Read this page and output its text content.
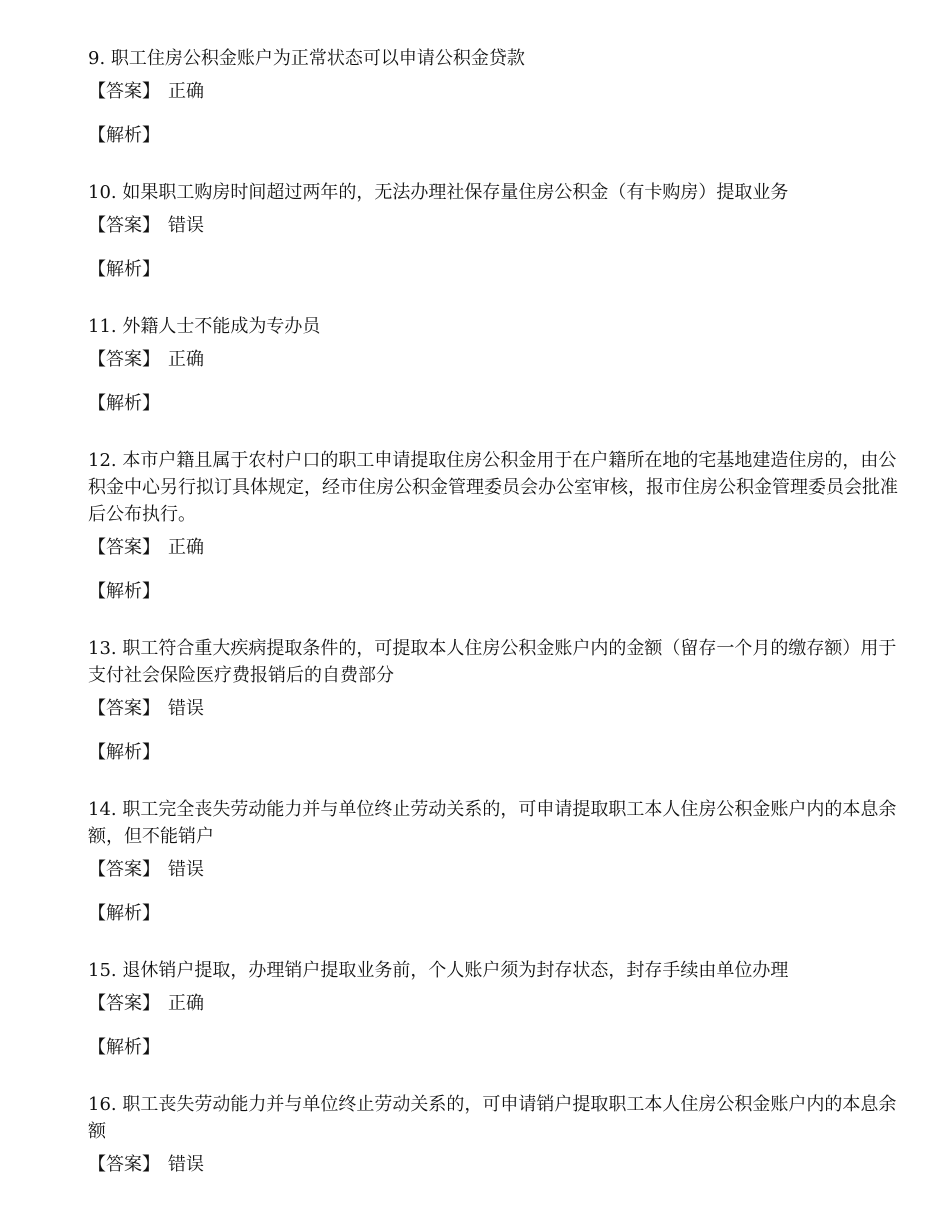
9. 职工住房公积金账户为正常状态可以申请公积金贷款
【答案】 正确
【解析】
10. 如果职工购房时间超过两年的，无法办理社保存量住房公积金（有卡购房）提取业务
【答案】 错误
【解析】
11. 外籍人士不能成为专办员
【答案】 正确
【解析】
12. 本市户籍且属于农村户口的职工申请提取住房公积金用于在户籍所在地的宅基地建造住房的，由公积金中心另行拟订具体规定，经市住房公积金管理委员会办公室审核，报市住房公积金管理委员会批准后公布执行。
【答案】 正确
【解析】
13. 职工符合重大疾病提取条件的，可提取本人住房公积金账户内的金额（留存一个月的缴存额）用于支付社会保险医疗费报销后的自费部分
【答案】 错误
【解析】
14. 职工完全丧失劳动能力并与单位终止劳动关系的，可申请提取职工本人住房公积金账户内的本息余额，但不能销户
【答案】 错误
【解析】
15. 退休销户提取，办理销户提取业务前，个人账户须为封存状态，封存手续由单位办理
【答案】 正确
【解析】
16. 职工丧失劳动能力并与单位终止劳动关系的，可申请销户提取职工本人住房公积金账户内的本息余额
【答案】 错误
